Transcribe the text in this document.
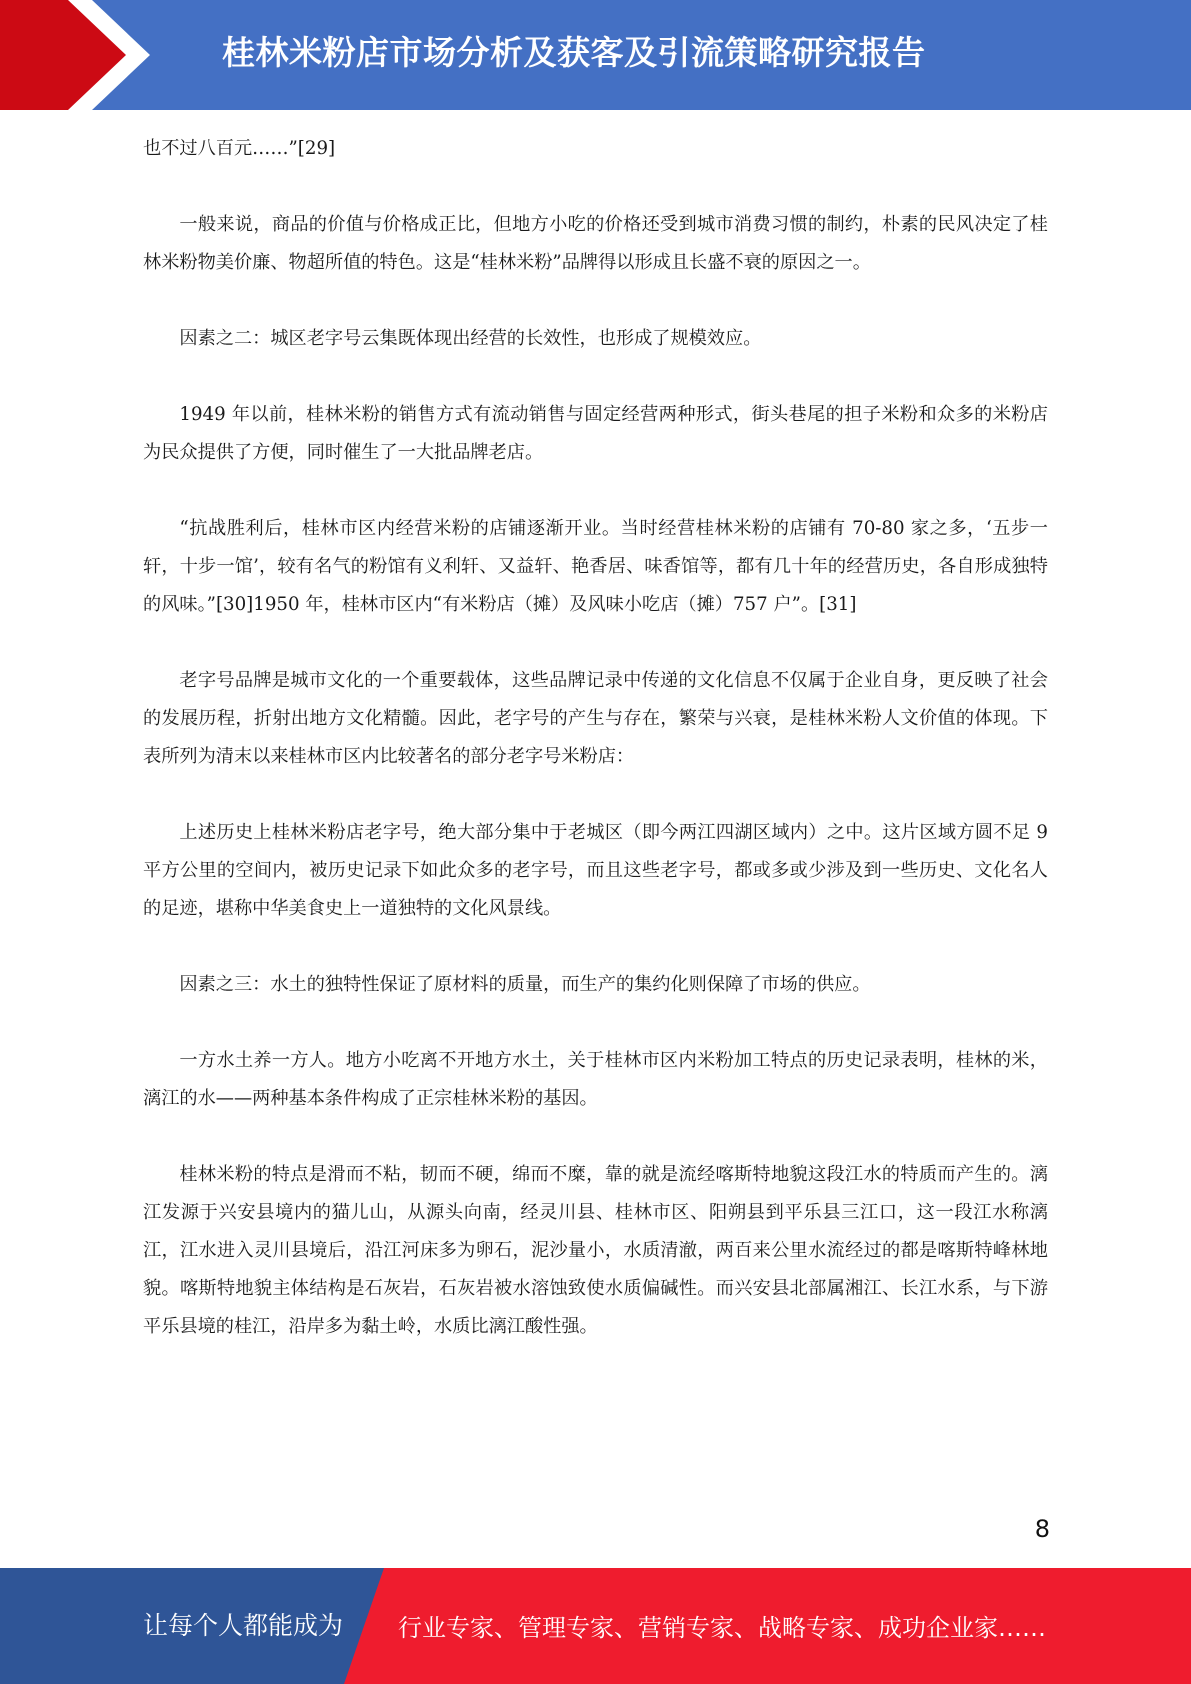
桂林米粉店市场分析及获客及引流策略研究报告

也不过八百元……”[29]

一般来说，商品的价值与价格成正比，但地方小吃的价格还受到城市消费习惯的制约，朴素的民风决定了桂林米粉物美价廉、物超所值的特色。这是“桂林米粉”品牌得以形成且长盛不衰的原因之一。

因素之二：城区老字号云集既体现出经营的长效性，也形成了规模效应。

1949 年以前，桂林米粉的销售方式有流动销售与固定经营两种形式，街头巷尾的担子米粉和众多的米粉店为民众提供了方便，同时催生了一大批品牌老店。

“抗战胜利后，桂林市区内经营米粉的店铺逐渐开业。当时经营桂林米粉的店铺有 70-80 家之多，‘五步一轩，十步一馆’，较有名气的粉馆有义利轩、又益轩、艳香居、味香馆等，都有几十年的经营历史，各自形成独特的风味。”[30]1950 年，桂林市区内“有米粉店（摊）及风味小吃店（摊）757 户”。[31]

老字号品牌是城市文化的一个重要载体，这些品牌记录中传递的文化信息不仅属于企业自身，更反映了社会的发展历程，折射出地方文化精髓。因此，老字号的产生与存在，繁荣与兴衰，是桂林米粉人文价值的体现。下表所列为清末以来桂林市区内比较著名的部分老字号米粉店：

上述历史上桂林米粉店老字号，绝大部分集中于老城区（即今两江四湖区域内）之中。这片区域方圆不足 9 平方公里的空间内，被历史记录下如此众多的老字号，而且这些老字号，都或多或少涉及到一些历史、文化名人的足迹，堪称中华美食史上一道独特的文化风景线。

因素之三：水土的独特性保证了原材料的质量，而生产的集约化则保障了市场的供应。

一方水土养一方人。地方小吃离不开地方水土，关于桂林市区内米粉加工特点的历史记录表明，桂林的米，漓江的水——两种基本条件构成了正宗桂林米粉的基因。

桂林米粉的特点是滑而不粘，韧而不硬，绵而不糜，靠的就是流经喀斯特地貌这段江水的特质而产生的。漓江发源于兴安县境内的猫儿山，从源头向南，经灵川县、桂林市区、阳朔县到平乐县三江口，这一段江水称漓江，江水进入灵川县境后，沿江河床多为卵石，泥沙量小，水质清澈，两百来公里水流经过的都是喀斯特峰林地貌。喀斯特地貌主体结构是石灰岩，石灰岩被水溶蚀致使水质偏碱性。而兴安县北部属湘江、长江水系，与下游平乐县境的桂江，沿岸多为黏土岭，水质比漓江酸性强。

8
让每个人都能成为 行业专家、管理专家、营销专家、战略专家、成功企业家……
